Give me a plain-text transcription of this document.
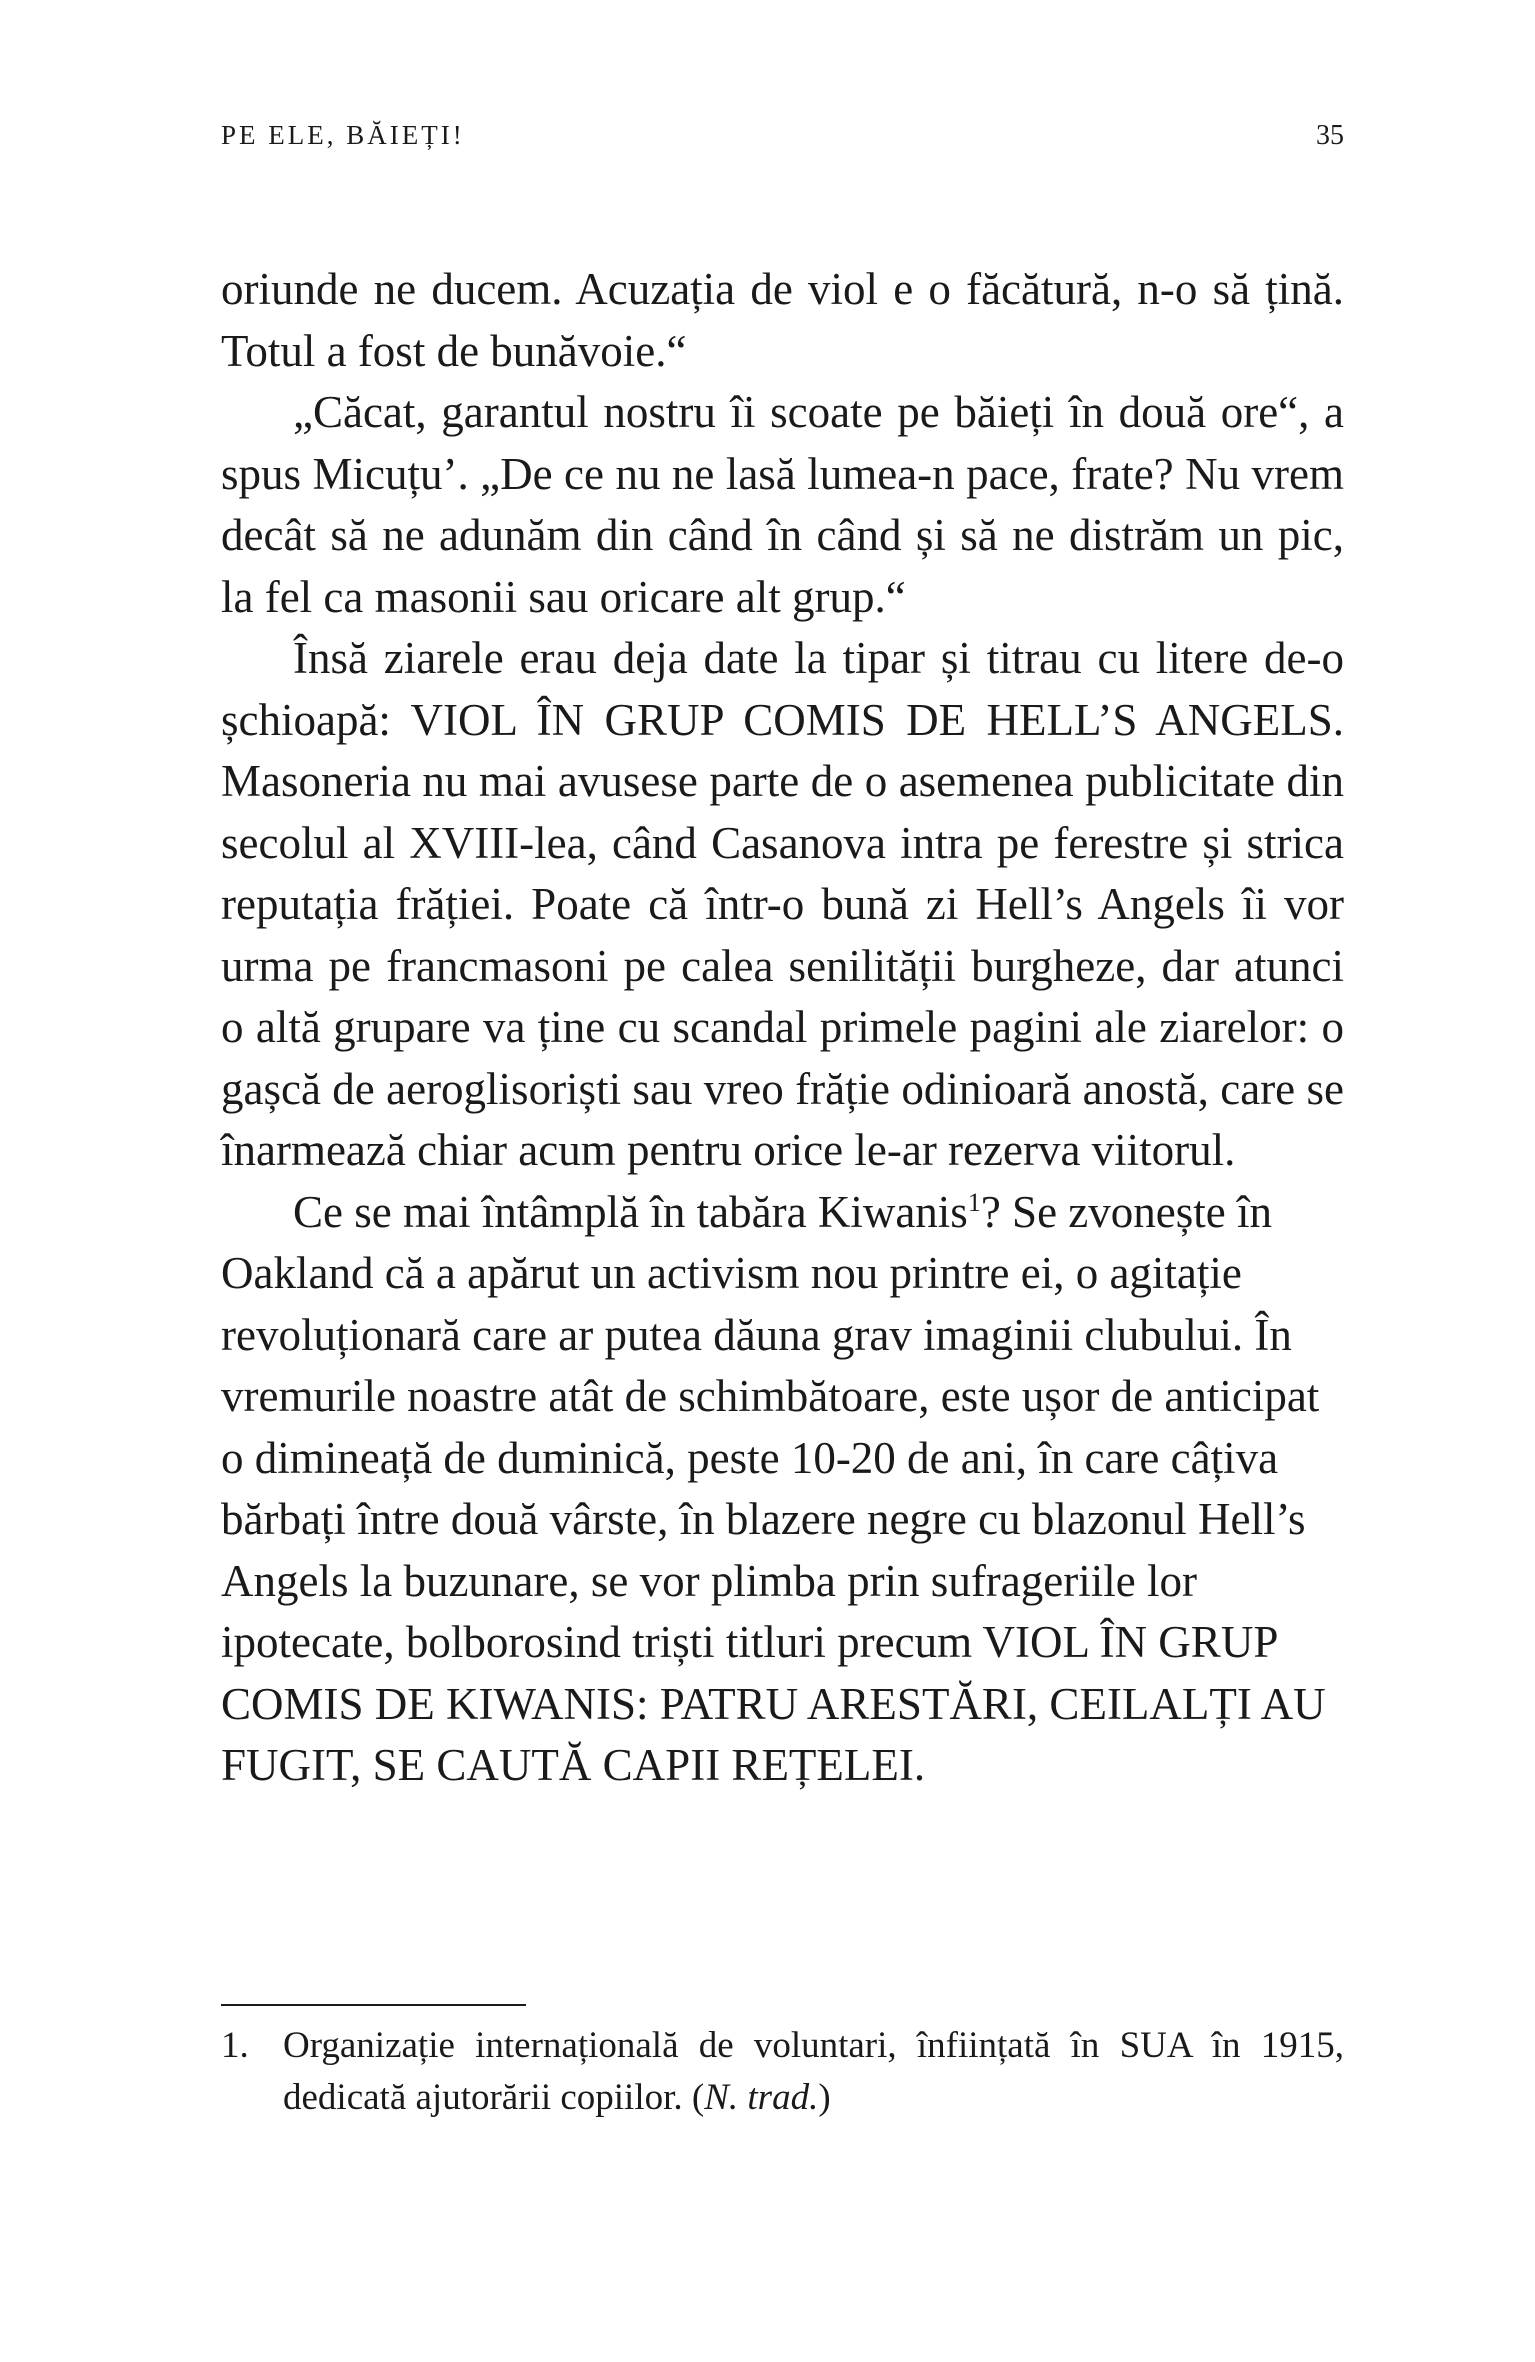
PE ELE, BĂIEȚI!	35

oriunde ne ducem. Acuzația de viol e o făcătură, n-o să țină. Totul a fost de bunăvoie.“

„Căcat, garantul nostru îi scoate pe băieți în două ore“, a spus Micuțu’. „De ce nu ne lasă lumea-n pace, frate? Nu vrem decât să ne adunăm din când în când și să ne distrăm un pic, la fel ca masonii sau oricare alt grup.“

Însă ziarele erau deja date la tipar și titrau cu litere de-o șchioapă: VIOL ÎN GRUP COMIS DE HELL’S ANGELS. Masoneria nu mai avusese parte de o asemenea publicitate din secolul al XVIII-lea, când Casanova intra pe ferestre și strica reputația frăției. Poate că într-o bună zi Hell’s Angels îi vor urma pe francmasoni pe calea senilității burgheze, dar atunci o altă grupare va ține cu scandal primele pagini ale ziarelor: o gașcă de aeroglisoriști sau vreo frăție odinioară anostă, care se înarmează chiar acum pentru orice le-ar rezerva viitorul.

Ce se mai întâmplă în tabăra Kiwanis$^1$? Se zvonește în Oakland că a apărut un activism nou printre ei, o agitație revoluționară care ar putea dăuna grav imaginii clubului. În vremurile noastre atât de schimbătoare, este ușor de anticipat o dimineață de duminică, peste 10-20 de ani, în care câțiva bărbați între două vârste, în blazere negre cu blazonul Hell’s Angels la buzunare, se vor plimba prin sufrageriile lor ipotecate, bolborosind triști titluri precum VIOL ÎN GRUP COMIS DE KIWANIS: PATRU ARESTĂRI, CEILALȚI AU FUGIT, SE CAUTĂ CAPII REȚELEI.

1. Organizație internațională de voluntari, înființată în SUA în 1915, dedicată ajutorării copiilor. (N. trad.)
